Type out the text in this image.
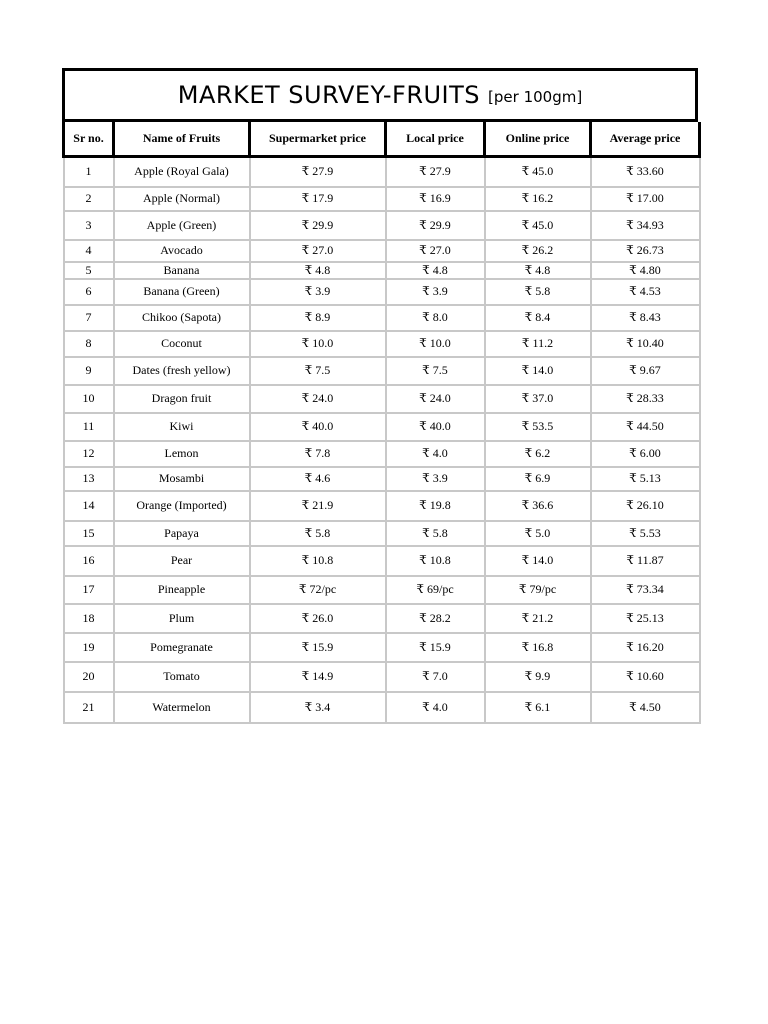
MARKET SURVEY-FRUITS [per 100gm]
Sr no.	Name of Fruits	Supermarket price	Local price	Online price	Average price
1	Apple (Royal Gala)	₹ 27.9	₹ 27.9	₹ 45.0	₹ 33.60
2	Apple (Normal)	₹ 17.9	₹ 16.9	₹ 16.2	₹ 17.00
3	Apple (Green)	₹ 29.9	₹ 29.9	₹ 45.0	₹ 34.93
4	Avocado	₹ 27.0	₹ 27.0	₹ 26.2	₹ 26.73
5	Banana	₹ 4.8	₹ 4.8	₹ 4.8	₹ 4.80
6	Banana (Green)	₹ 3.9	₹ 3.9	₹ 5.8	₹ 4.53
7	Chikoo (Sapota)	₹ 8.9	₹ 8.0	₹ 8.4	₹ 8.43
8	Coconut	₹ 10.0	₹ 10.0	₹ 11.2	₹ 10.40
9	Dates (fresh yellow)	₹ 7.5	₹ 7.5	₹ 14.0	₹ 9.67
10	Dragon fruit	₹ 24.0	₹ 24.0	₹ 37.0	₹ 28.33
11	Kiwi	₹ 40.0	₹ 40.0	₹ 53.5	₹ 44.50
12	Lemon	₹ 7.8	₹ 4.0	₹ 6.2	₹ 6.00
13	Mosambi	₹ 4.6	₹ 3.9	₹ 6.9	₹ 5.13
14	Orange (Imported)	₹ 21.9	₹ 19.8	₹ 36.6	₹ 26.10
15	Papaya	₹ 5.8	₹ 5.8	₹ 5.0	₹ 5.53
16	Pear	₹ 10.8	₹ 10.8	₹ 14.0	₹ 11.87
17	Pineapple	₹ 72/pc	₹ 69/pc	₹ 79/pc	₹ 73.34
18	Plum	₹ 26.0	₹ 28.2	₹ 21.2	₹ 25.13
19	Pomegranate	₹ 15.9	₹ 15.9	₹ 16.8	₹ 16.20
20	Tomato	₹ 14.9	₹ 7.0	₹ 9.9	₹ 10.60
21	Watermelon	₹ 3.4	₹ 4.0	₹ 6.1	₹ 4.50
